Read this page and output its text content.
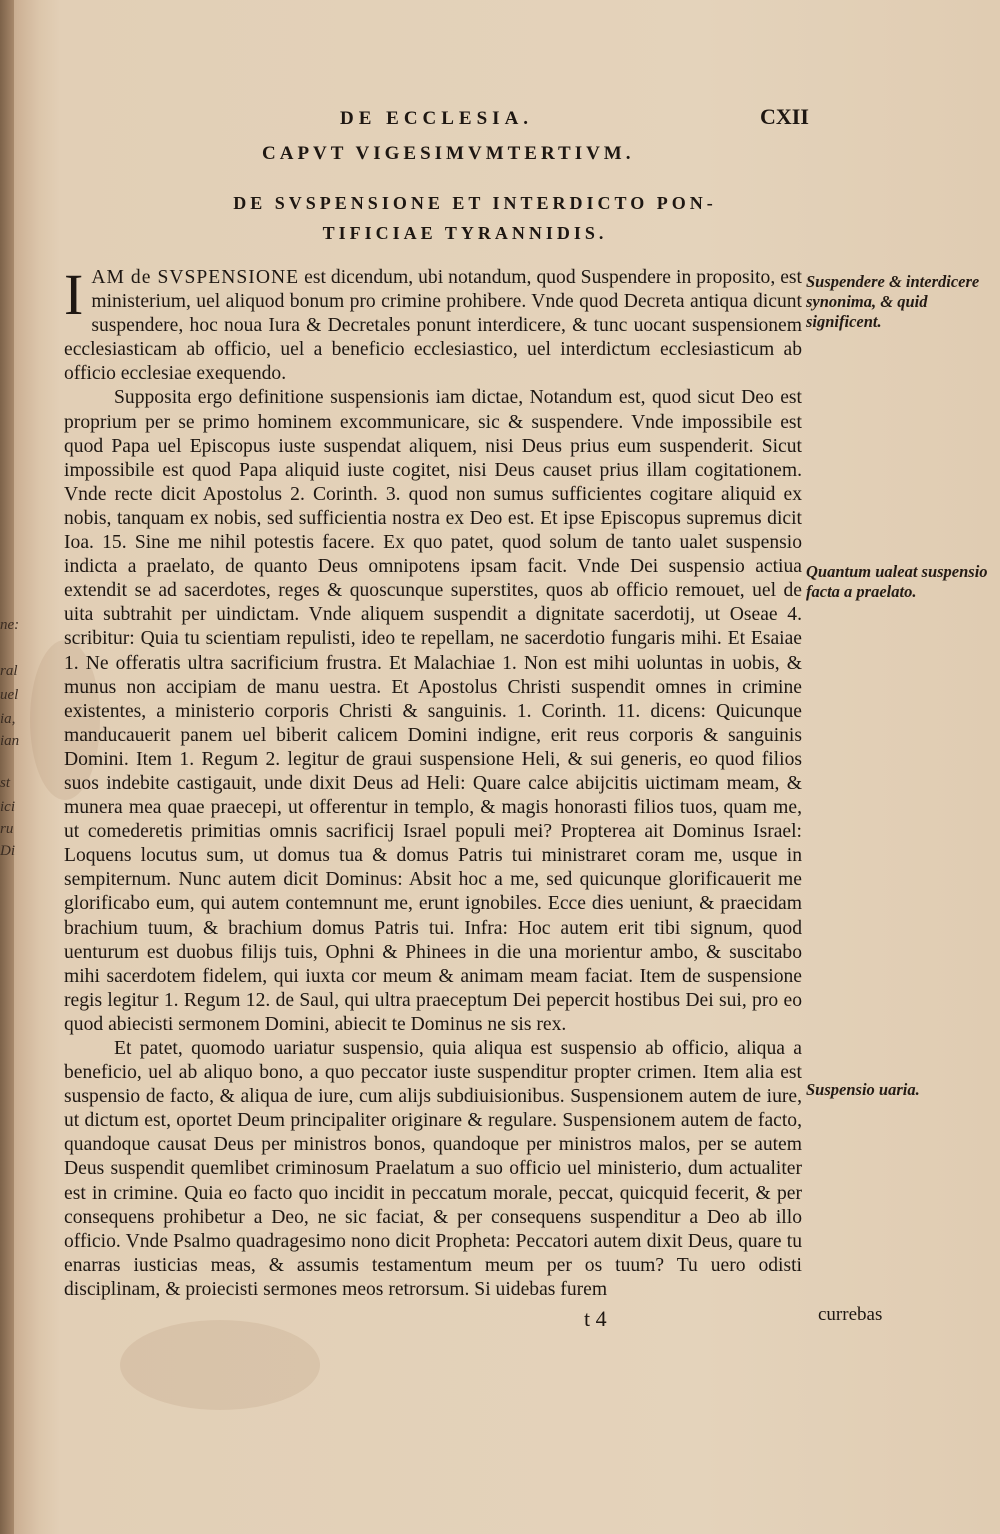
ne:
ral
uel
ia,
ian
st
ici
ru
Di
DE ECCLESIA.	CXII
CAPVT VIGESIMVMTERTIVM.
DE SVSPENSIONE ET INTERDICTO PON-
TIFICIAE TYRANNIDIS.

IAM de SVSPENSIONE est dicendum, ubi notandum, quod Suspendere in proposito, est ministerium, uel aliquod bonum pro crimine prohibere. Vnde quod Decreta antiqua dicunt suspendere, hoc noua Iura & Decretales ponunt interdicere, & tunc uocant suspensionem ecclesiasticam ab officio, uel a beneficio ecclesiastico, uel interdictum ecclesiasticum ab officio ecclesiae exequendo.

Supposita ergo definitione suspensionis iam dictae, Notandum est, quod sicut Deo est proprium per se primo hominem excommunicare, sic & suspendere. Vnde impossibile est quod Papa uel Episcopus iuste suspendat aliquem, nisi Deus prius eum suspenderit. Sicut impossibile est quod Papa aliquid iuste cogitet, nisi Deus causet prius illam cogitationem. Vnde recte dicit Apostolus 2. Corinth. 3. quod non sumus sufficientes cogitare aliquid ex nobis, tanquam ex nobis, sed sufficientia nostra ex Deo est. Et ipse Episcopus supremus dicit Ioa. 15. Sine me nihil potestis facere. Ex quo patet, quod solum de tanto ualet suspensio indicta a praelato, de quanto Deus omnipotens ipsam facit. Vnde Dei suspensio actiua extendit se ad sacerdotes, reges & quoscunque superstites, quos ab officio remouet, uel de uita subtrahit per uindictam. Vnde aliquem suspendit a dignitate sacerdotij, ut Oseae 4. scribitur: Quia tu scientiam repulisti, ideo te repellam, ne sacerdotio fungaris mihi. Et Esaiae 1. Ne offeratis ultra sacrificium frustra. Et Malachiae 1. Non est mihi uoluntas in uobis, & munus non accipiam de manu uestra. Et Apostolus Christi suspendit omnes in crimine existentes, a ministerio corporis Christi & sanguinis. 1. Corinth. 11. dicens: Quicunque manducauerit panem uel biberit calicem Domini indigne, erit reus corporis & sanguinis Domini. Item 1. Regum 2. legitur de graui suspensione Heli, & sui generis, eo quod filios suos indebite castigauit, unde dixit Deus ad Heli: Quare calce abijcitis uictimam meam, & munera mea quae praecepi, ut offerentur in templo, & magis honorasti filios tuos, quam me, ut comederetis primitias omnis sacrificij Israel populi mei? Propterea ait Dominus Israel: Loquens locutus sum, ut domus tua & domus Patris tui ministraret coram me, usque in sempiternum. Nunc autem dicit Dominus: Absit hoc a me, sed quicunque glorificauerit me glorificabo eum, qui autem contemnunt me, erunt ignobiles. Ecce dies ueniunt, & praecidam brachium tuum, & brachium domus Patris tui. Infra: Hoc autem erit tibi signum, quod uenturum est duobus filijs tuis, Ophni & Phinees in die una morientur ambo, & suscitabo mihi sacerdotem fidelem, qui iuxta cor meum & animam meam faciat. Item de suspensione regis legitur 1. Regum 12. de Saul, qui ultra praeceptum Dei pepercit hostibus Dei sui, pro eo quod abiecisti sermonem Domini, abiecit te Dominus ne sis rex.

Et patet, quomodo uariatur suspensio, quia aliqua est suspensio ab officio, aliqua a beneficio, uel ab aliquo bono, a quo peccator iuste suspenditur propter crimen. Item alia est suspensio de facto, & aliqua de iure, cum alijs subdiuisionibus. Suspensionem autem de iure, ut dictum est, oportet Deum principaliter originare & regulare. Suspensionem autem de facto, quandoque causat Deus per ministros bonos, quandoque per ministros malos, per se autem Deus suspendit quemlibet criminosum Praelatum a suo officio uel ministerio, dum actualiter est in crimine. Quia eo facto quo incidit in peccatum morale, peccat, quicquid fecerit, & per consequens prohibetur a Deo, ne sic faciat, & per consequens suspenditur a Deo ab illo officio. Vnde Psalmo quadragesimo nono dicit Propheta: Peccatori autem dixit Deus, quare tu enarras iusticias meas, & assumis testamentum meum per os tuum? Tu uero odisti disciplinam, & proiecisti sermones meos retrorsum. Si uidebas furem

Suspendere & interdicere synonima, & quid significent.
Quantum ualeat suspensio facta a praelato.
Suspensio uaria.
t 4	currebas
